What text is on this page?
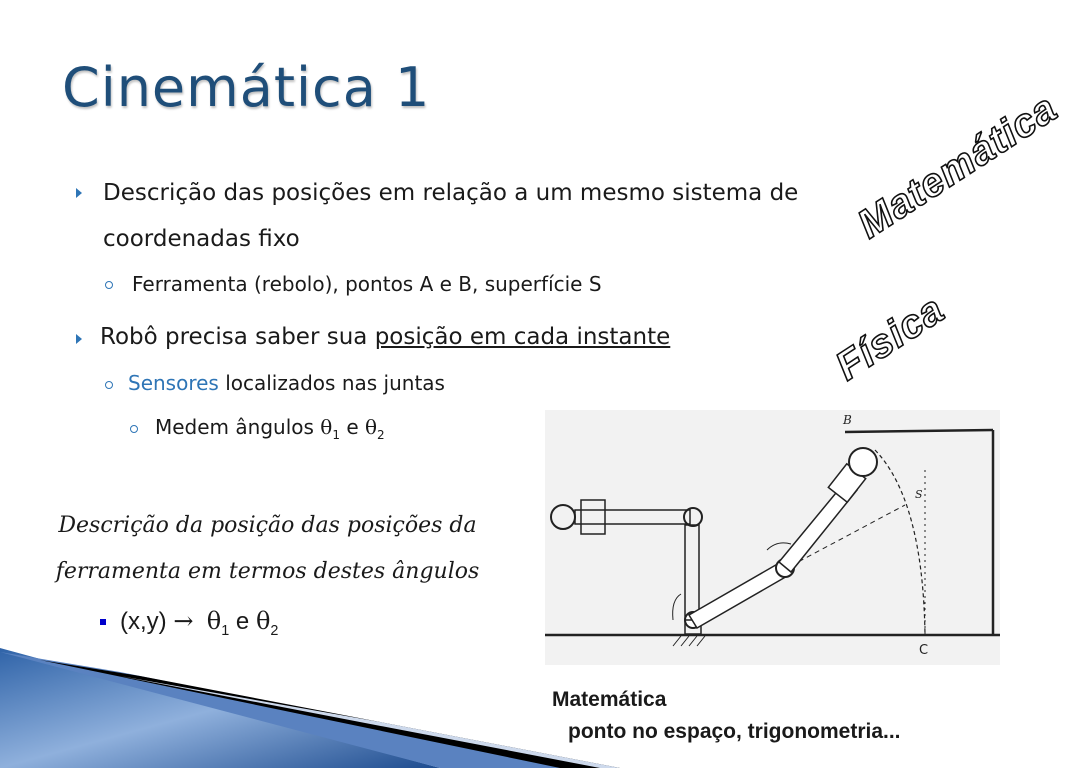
Cinemática 1
Descrição das posições em relação a um mesmo sistema de
coordenadas fixo
Ferramenta (rebolo), pontos A e B, superfície S
Robô precisa saber sua posição em cada instante
Sensores localizados nas juntas
Medem ângulos $\theta_1$ e $\theta_2$
Descrição da posição das posições da
ferramenta em termos destes ângulos
$(x,y) \to \theta_1$ e $\theta_2$
Matemática
Física
B
C
S
Matemática
ponto no espaço, trigonometria...
